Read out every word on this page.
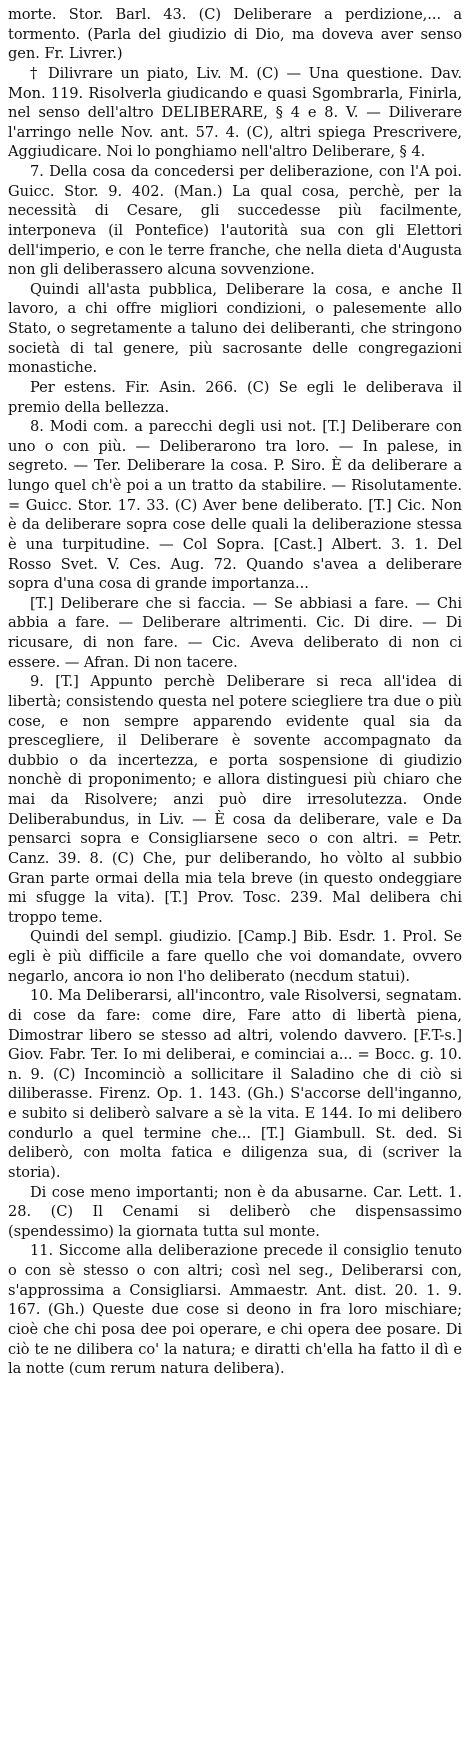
morte. Stor. Barl. 43. (C) Deliberare a perdizione,... a tormento. (Parla del giudizio di Dio, ma doveva aver senso gen. Fr. Livrer.)

† Dilivrare un piato, Liv. M. (C) — Una questione. Dav. Mon. 119. Risolverla giudicando e quasi Sgombrarla, Finirla, nel senso dell'altro DELIBERARE, § 4 e 8. V. — Diliverare l'arringo nelle Nov. ant. 57. 4. (C), altri spiega Prescrivere, Aggiudicare. Noi lo ponghiamo nell'altro Deliberare, § 4.

7. Della cosa da concedersi per deliberazione, con l'A poi. Guicc. Stor. 9. 402. (Man.) La qual cosa, perchè, per la necessità di Cesare, gli succedesse più facilmente, interponeva (il Pontefice) l'autorità sua con gli Elettori dell'imperio, e con le terre franche, che nella dieta d'Augusta non gli deliberassero alcuna sovvenzione.

Quindi all'asta pubblica, Deliberare la cosa, e anche Il lavoro, a chi offre migliori condizioni, o palesemente allo Stato, o segretamente a taluno dei deliberanti, che stringono società di tal genere, più sacrosante delle congregazioni monastiche.

Per estens. Fir. Asin. 266. (C) Se egli le deliberava il premio della bellezza.

8. Modi com. a parecchi degli usi not. [T.] Deliberare con uno o con più. — Deliberarono tra loro. — In palese, in segreto. — Ter. Deliberare la cosa. P. Siro. È da deliberare a lungo quel ch'è poi a un tratto da stabilire. — Risolutamente. = Guicc. Stor. 17. 33. (C) Aver bene deliberato. [T.] Cic. Non è da deliberare sopra cose delle quali la deliberazione stessa è una turpitudine. — Col Sopra. [Cast.] Albert. 3. 1. Del Rosso Svet. V. Ces. Aug. 72. Quando s'avea a deliberare sopra d'una cosa di grande importanza...

[T.] Deliberare che si faccia. — Se abbiasi a fare. — Chi abbia a fare. — Deliberare altrimenti. Cic. Di dire. — Di ricusare, di non fare. — Cic. Aveva deliberato di non ci essere. — Afran. Di non tacere.

9. [T.] Appunto perchè Deliberare si reca all'idea di libertà; consistendo questa nel potere sciegliere tra due o più cose, e non sempre apparendo evidente qual sia da prescegliere, il Deliberare è sovente accompagnato da dubbio o da incertezza, e porta sospensione di giudizio nonchè di proponimento; e allora distinguesi più chiaro che mai da Risolvere; anzi può dire irresolutezza. Onde Deliberabundus, in Liv. — È cosa da deliberare, vale e Da pensarci sopra e Consigliarsene seco o con altri. = Petr. Canz. 39. 8. (C) Che, pur deliberando, ho vòlto al subbio Gran parte ormai della mia tela breve (in questo ondeggiare mi sfugge la vita). [T.] Prov. Tosc. 239. Mal delibera chi troppo teme.

Quindi del sempl. giudizio. [Camp.] Bib. Esdr. 1. Prol. Se egli è più difficile a fare quello che voi domandate, ovvero negarlo, ancora io non l'ho deliberato (necdum statui).

10. Ma Deliberarsi, all'incontro, vale Risolversi, segnatam. di cose da fare: come dire, Fare atto di libertà piena, Dimostrar libero se stesso ad altri, volendo davvero. [F.T-s.] Giov. Fabr. Ter. Io mi deliberai, e cominciai a... = Bocc. g. 10. n. 9. (C) Incominciò a sollicitare il Saladino che di ciò si diliberasse. Firenz. Op. 1. 143. (Gh.) S'accorse dell'inganno, e subito si deliberò salvare a sè la vita. E 144. Io mi delibero condurlo a quel termine che... [T.] Giambull. St. ded. Si deliberò, con molta fatica e diligenza sua, di (scriver la storia).

Di cose meno importanti; non è da abusarne. Car. Lett. 1. 28. (C) Il Cenami si deliberò che dispensassimo (spendessimo) la giornata tutta sul monte.

11. Siccome alla deliberazione precede il consiglio tenuto o con sè stesso o con altri; così nel seg., Deliberarsi con, s'approssima a Consigliarsi. Ammaestr. Ant. dist. 20. 1. 9. 167. (Gh.) Queste due cose si deono in fra loro mischiare; cioè che chi posa dee poi operare, e chi opera dee posare. Di ciò te ne dilibera co' la natura; e diratti ch'ella ha fatto il dì e la notte (cum rerum natura delibera).
